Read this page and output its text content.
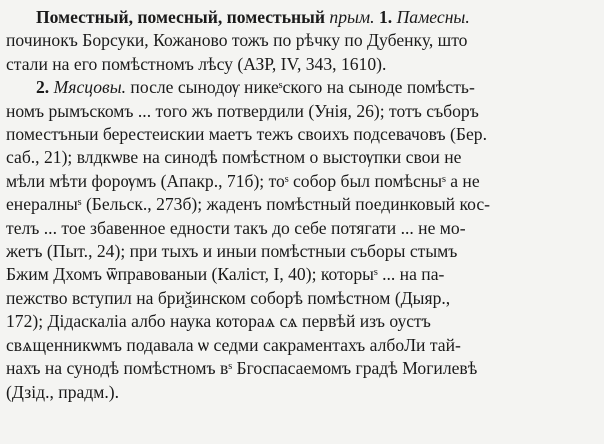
Поместный, помесный, поместьный прым. 1. Памесны.
починокъ Борсуки, Кожаново тожъ по рѣчку по Дубенку, што
стали на его помѣстномъ лѣсу (АЗР, IV, 343, 1610).
2. Мясцовы. после сынодѹ никеˢского на сыноде помѣсть-
номъ рымъскомъ ... того жъ потвердили (Унія, 26); тотъ съборъ
поместъныи берестеискии маетъ тежъ своихъ подсевачовъ (Бер.
саб., 21); влдкѡве на синодѣ помѣстном о выстѹпки свои не
мѣли мѣти форѹмъ (Апакр., 71б); тоˢ собор был помѣсныˢ а не
енералныˢ (Бельск., 273б); жаденъ помѣстный поединковый кос-
телъ ... тое збавенное едности такъ до себе потягати ... не мо-
жетъ (Пыт., 24); при тыхъ и иныи помѣстныи съборы стымъ
Бжим Дхомъ ѿправованыи (Каліст, I, 40); которыˢ ... на па-
пежство вступил на бриѯинском соборѣ помѣстном (Дыяр.,
172); Дідаскаліа албо наука котораѧ сѧ первѣй изъ оустъ
свѧщенникѡмъ подавала ѡ седми сакраментахъ албоЛи тай-
нахъ на сунодѣ помѣстномъ вˢ Бгоспасаемомъ градѣ Могилевѣ
(Дзід., прадм.).
